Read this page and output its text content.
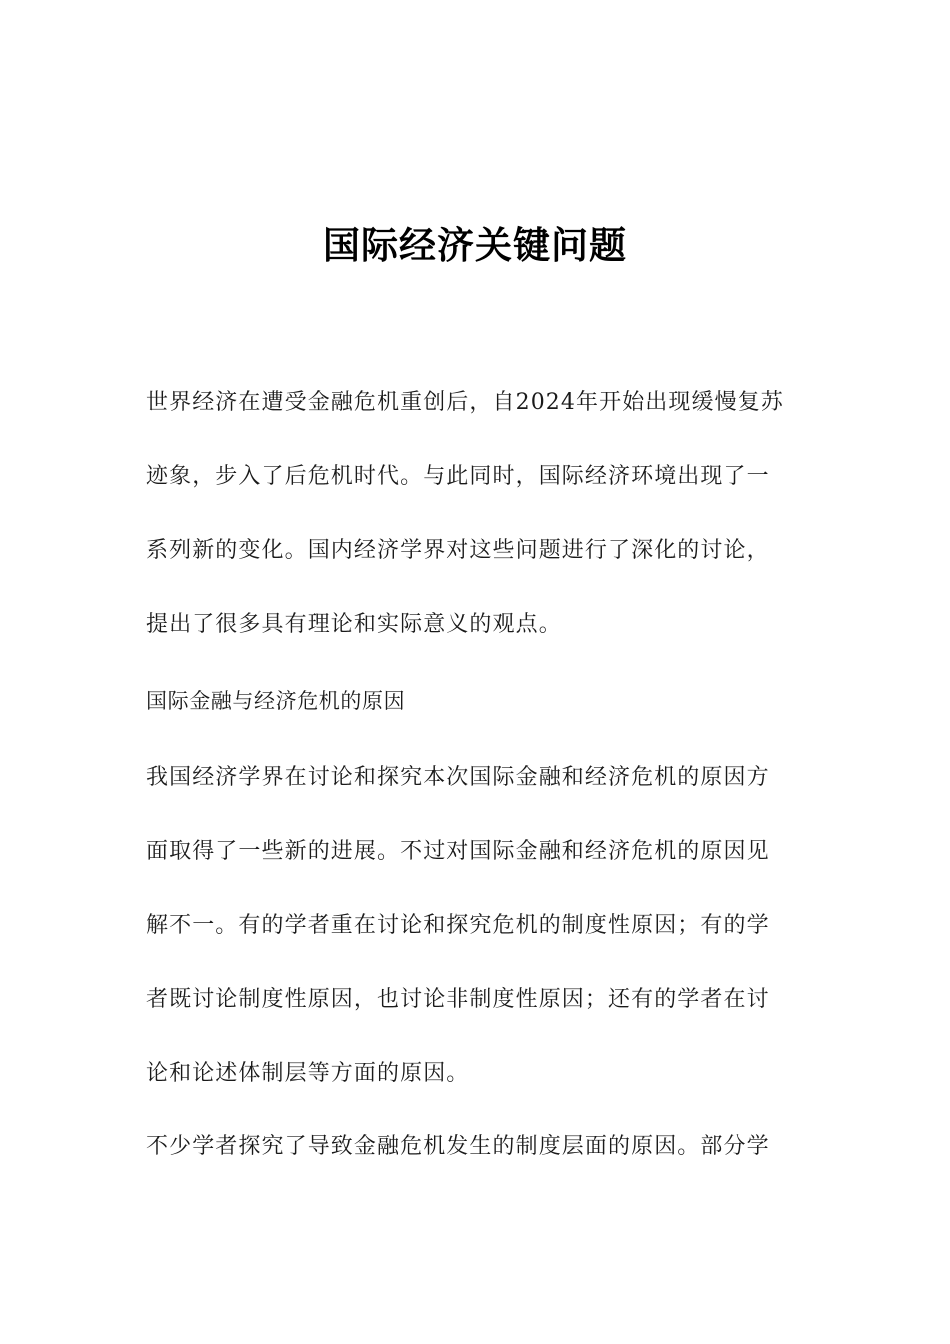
国际经济关键问题
世界经济在遭受金融危机重创后，自2024年开始出现缓慢复苏
迹象，步入了后危机时代。与此同时，国际经济环境出现了一
系列新的变化。国内经济学界对这些问题进行了深化的讨论，
提出了很多具有理论和实际意义的观点。
国际金融与经济危机的原因
我国经济学界在讨论和探究本次国际金融和经济危机的原因方
面取得了一些新的进展。不过对国际金融和经济危机的原因见
解不一。有的学者重在讨论和探究危机的制度性原因；有的学
者既讨论制度性原因，也讨论非制度性原因；还有的学者在讨
论和论述体制层等方面的原因。
不少学者探究了导致金融危机发生的制度层面的原因。部分学
